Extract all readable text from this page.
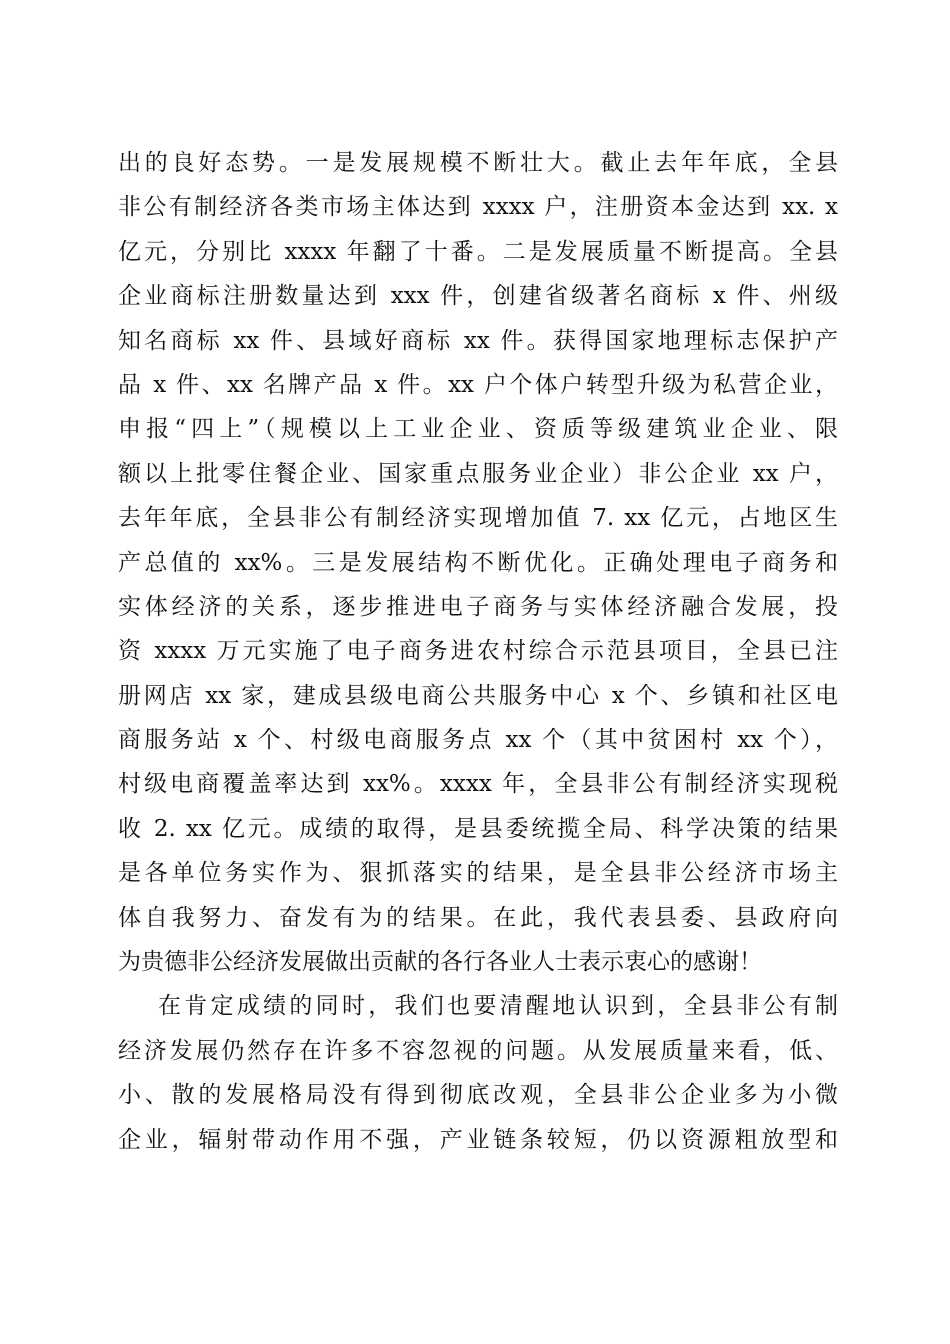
出的良好态势。一是发展规模不断壮大。截止去年年底，全县
非公有制经济各类市场主体达到 xxxx 户，注册资本金达到 xx. x
亿元，分别比 xxxx 年翻了十番。二是发展质量不断提高。全县
企业商标注册数量达到 xxx 件，创建省级著名商标 x 件、州级
知名商标 xx 件、县域好商标 xx 件。获得国家地理标志保护产
品 x 件、xx 名牌产品 x 件。xx 户个体户转型升级为私营企业，
申报“四上”（规模以上工业企业、资质等级建筑业企业、限
额以上批零住餐企业、国家重点服务业企业）非公企业 xx 户，
去年年底，全县非公有制经济实现增加值 7. xx 亿元，占地区生
产总值的 xx%。三是发展结构不断优化。正确处理电子商务和
实体经济的关系，逐步推进电子商务与实体经济融合发展，投
资 xxxx 万元实施了电子商务进农村综合示范县项目，全县已注
册网店 xx 家，建成县级电商公共服务中心 x 个、乡镇和社区电
商服务站 x 个、村级电商服务点 xx 个（其中贫困村 xx 个），
村级电商覆盖率达到 xx%。xxxx 年，全县非公有制经济实现税
收 2. xx 亿元。成绩的取得，是县委统揽全局、科学决策的结果
是各单位务实作为、狠抓落实的结果，是全县非公经济市场主
体自我努力、奋发有为的结果。在此，我代表县委、县政府向
为贵德非公经济发展做出贡献的各行各业人士表示衷心的感谢！
在肯定成绩的同时，我们也要清醒地认识到，全县非公有制
经济发展仍然存在许多不容忽视的问题。从发展质量来看，低、
小、散的发展格局没有得到彻底改观，全县非公企业多为小微
企业，辐射带动作用不强，产业链条较短，仍以资源粗放型和
